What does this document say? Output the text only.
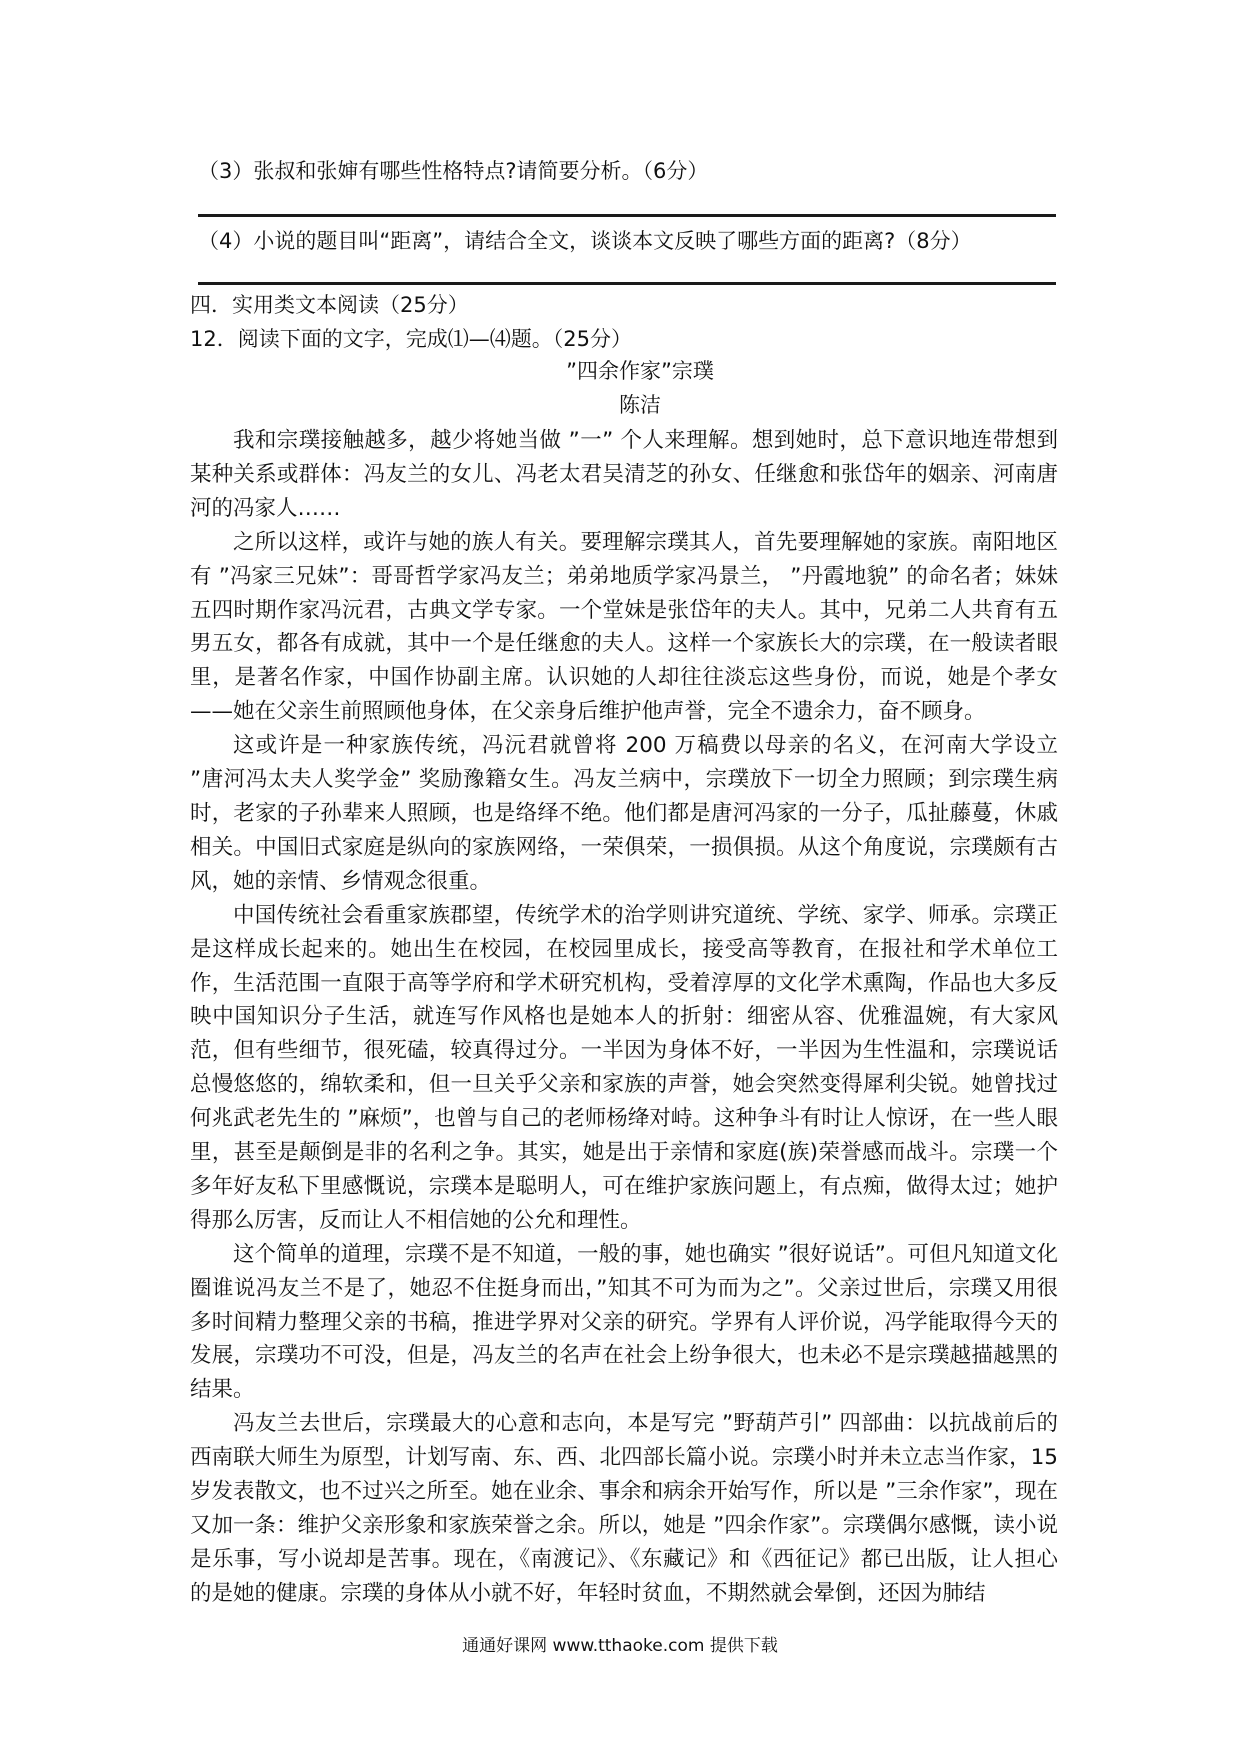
（3）张叔和张婶有哪些性格特点?请简要分析。（6分）
（4）小说的题目叫“距离”，请结合全文，谈谈本文反映了哪些方面的距离?（8分）
四．实用类文本阅读（25分）
12．阅读下面的文字，完成⑴—⑷题。（25分）
”四余作家”宗璞
陈洁

我和宗璞接触越多，越少将她当做 ”一” 个人来理解。想到她时，总下意识地连带想到某种关系或群体：冯友兰的女儿、冯老太君吴清芝的孙女、任继愈和张岱年的姻亲、河南唐河的冯家人……

之所以这样，或许与她的族人有关。要理解宗璞其人，首先要理解她的家族。南阳地区有 ”冯家三兄妹”：哥哥哲学家冯友兰；弟弟地质学家冯景兰， ”丹霞地貌” 的命名者；妹妹五四时期作家冯沅君，古典文学专家。一个堂妹是张岱年的夫人。其中，兄弟二人共育有五男五女，都各有成就，其中一个是任继愈的夫人。这样一个家族长大的宗璞，在一般读者眼里，是著名作家，中国作协副主席。认识她的人却往往淡忘这些身份，而说，她是个孝女——她在父亲生前照顾他身体，在父亲身后维护他声誉，完全不遗余力，奋不顾身。

这或许是一种家族传统，冯沅君就曾将 200 万稿费以母亲的名义，在河南大学设立 ”唐河冯太夫人奖学金” 奖励豫籍女生。冯友兰病中，宗璞放下一切全力照顾；到宗璞生病时，老家的子孙辈来人照顾，也是络绎不绝。他们都是唐河冯家的一分子，瓜扯藤蔓，休戚相关。中国旧式家庭是纵向的家族网络，一荣俱荣，一损俱损。从这个角度说，宗璞颇有古风，她的亲情、乡情观念很重。

中国传统社会看重家族郡望，传统学术的治学则讲究道统、学统、家学、师承。宗璞正是这样成长起来的。她出生在校园，在校园里成长，接受高等教育，在报社和学术单位工作，生活范围一直限于高等学府和学术研究机构，受着淳厚的文化学术熏陶，作品也大多反映中国知识分子生活，就连写作风格也是她本人的折射：细密从容、优雅温婉，有大家风范，但有些细节，很死磕，较真得过分。一半因为身体不好，一半因为生性温和，宗璞说话总慢悠悠的，绵软柔和，但一旦关乎父亲和家族的声誉，她会突然变得犀利尖锐。她曾找过何兆武老先生的 ”麻烦”，也曾与自己的老师杨绛对峙。这种争斗有时让人惊讶，在一些人眼里，甚至是颠倒是非的名利之争。其实，她是出于亲情和家庭(族)荣誉感而战斗。宗璞一个多年好友私下里感慨说，宗璞本是聪明人，可在维护家族问题上，有点痴，做得太过；她护得那么厉害，反而让人不相信她的公允和理性。

这个简单的道理，宗璞不是不知道，一般的事，她也确实 ”很好说话”。可但凡知道文化圈谁说冯友兰不是了，她忍不住挺身而出，”知其不可为而为之”。父亲过世后，宗璞又用很多时间精力整理父亲的书稿，推进学界对父亲的研究。学界有人评价说，冯学能取得今天的发展，宗璞功不可没，但是，冯友兰的名声在社会上纷争很大，也未必不是宗璞越描越黑的结果。

冯友兰去世后，宗璞最大的心意和志向，本是写完 ”野葫芦引” 四部曲：以抗战前后的西南联大师生为原型，计划写南、东、西、北四部长篇小说。宗璞小时并未立志当作家，15 岁发表散文，也不过兴之所至。她在业余、事余和病余开始写作，所以是 ”三余作家”，现在又加一条：维护父亲形象和家族荣誉之余。所以，她是 ”四余作家”。宗璞偶尔感慨，读小说是乐事，写小说却是苦事。现在，《南渡记》、《东藏记》和《西征记》都已出版，让人担心的是她的健康。宗璞的身体从小就不好，年轻时贫血，不期然就会晕倒，还因为肺结

通通好课网 www.tthaoke.com 提供下载
